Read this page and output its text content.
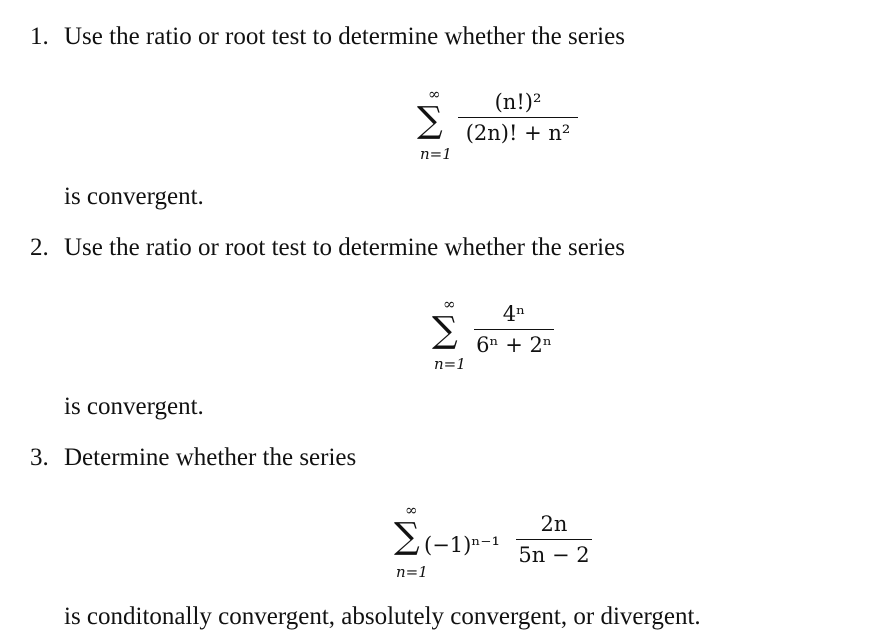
1. Use the ratio or root test to determine whether the series
∞
∑
n=1
(n!)²
(2n)! + n²
is convergent.
2. Use the ratio or root test to determine whether the series
∞
∑
n=1
4ⁿ
6ⁿ + 2ⁿ
is convergent.
3. Determine whether the series
∞
∑
n=1
(−1)ⁿ⁻¹
2n
5n − 2
is conditonally convergent, absolutely convergent, or divergent.
